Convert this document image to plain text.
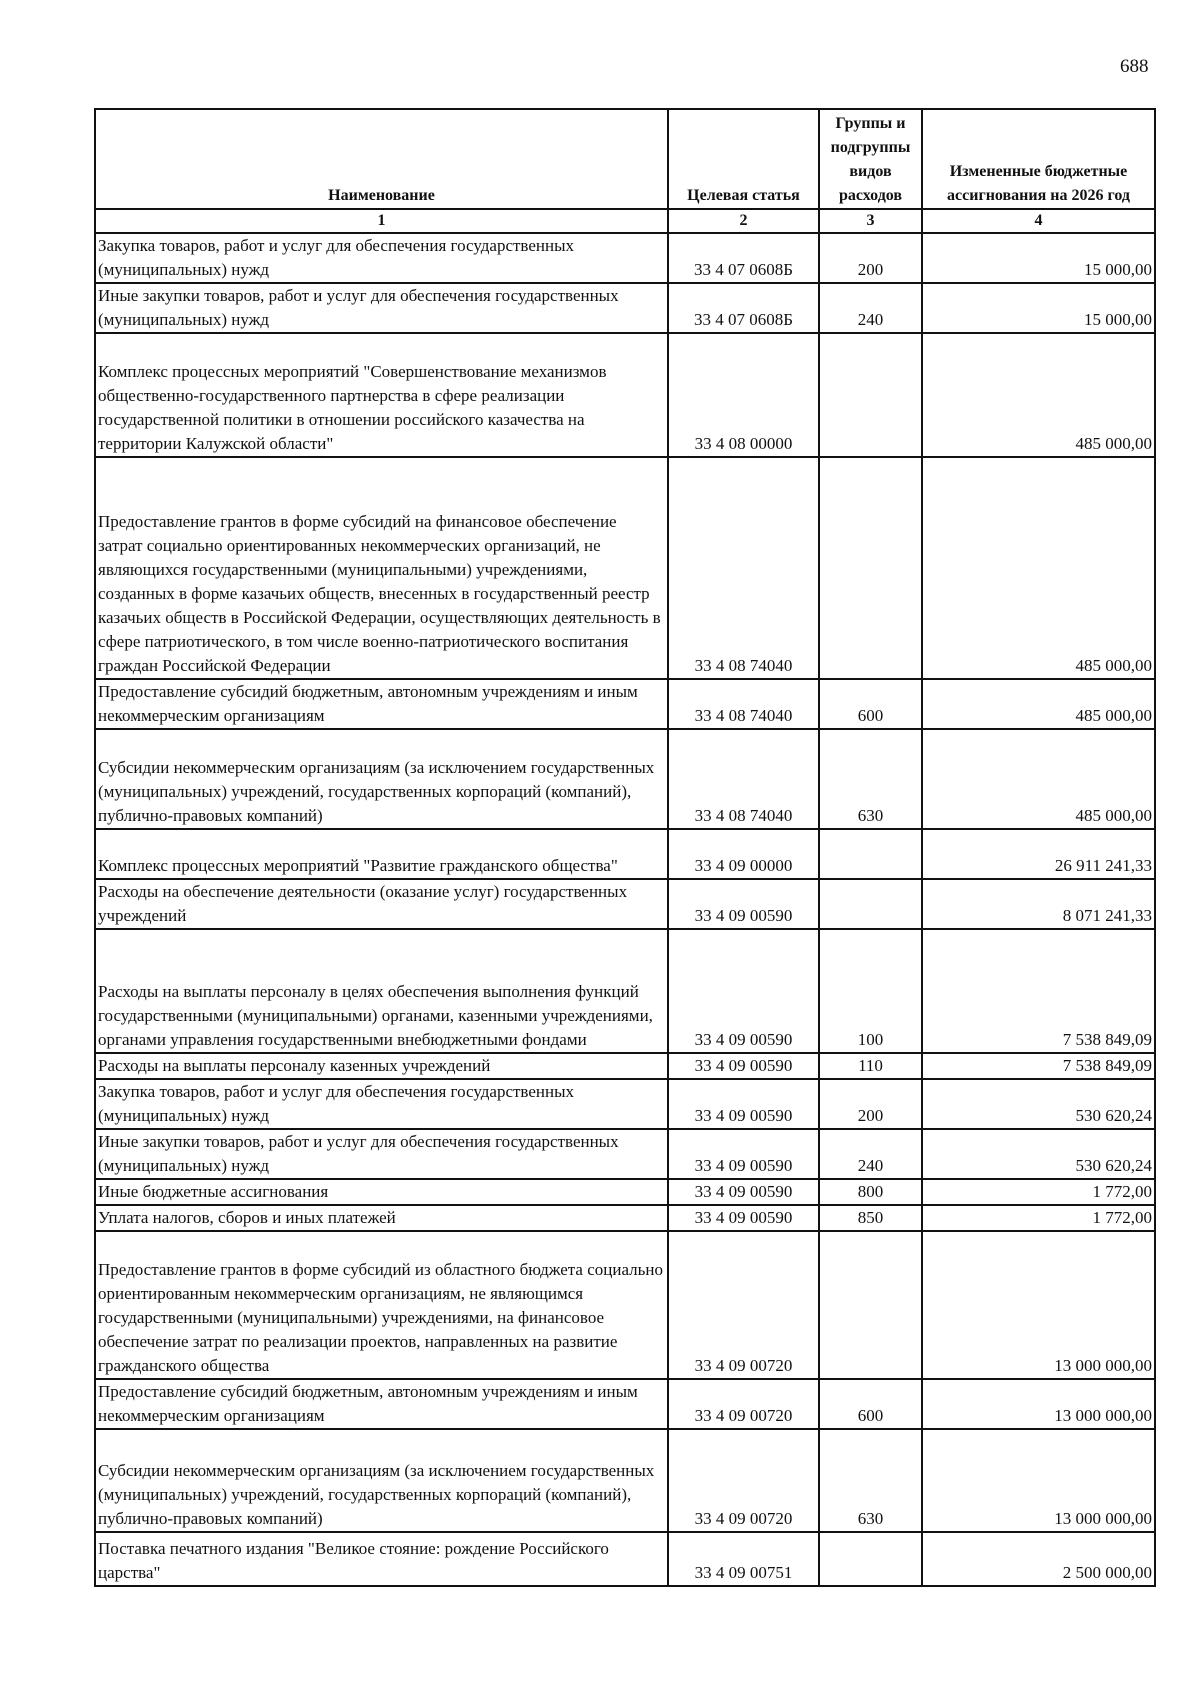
688
Наименование	Целевая статья	Группы и подгруппы видов расходов	Измененные бюджетные ассигнования на 2026 год
1	2	3	4
Закупка товаров, работ и услуг для обеспечения государственных (муниципальных) нужд	33 4 07 0608Б	200	15 000,00
Иные закупки товаров, работ и услуг для обеспечения государственных (муниципальных) нужд	33 4 07 0608Б	240	15 000,00
Комплекс процессных мероприятий "Совершенствование механизмов общественно-государственного партнерства в сфере реализации государственной политики в отношении российского казачества на территории Калужской области"	33 4 08 00000		485 000,00
Предоставление грантов в форме субсидий на финансовое обеспечение затрат социально ориентированных некоммерческих организаций, не являющихся государственными (муниципальными) учреждениями, созданных в форме казачьих обществ, внесенных в государственный реестр казачьих обществ в Российской Федерации, осуществляющих деятельность в сфере патриотического, в том числе военно-патриотического воспитания граждан Российской Федерации	33 4 08 74040		485 000,00
Предоставление субсидий бюджетным, автономным учреждениям и иным некоммерческим организациям	33 4 08 74040	600	485 000,00
Субсидии некоммерческим организациям (за исключением государственных (муниципальных) учреждений, государственных корпораций (компаний), публично-правовых компаний)	33 4 08 74040	630	485 000,00
Комплекс процессных мероприятий "Развитие гражданского общества"	33 4 09 00000		26 911 241,33
Расходы на обеспечение деятельности (оказание услуг) государственных учреждений	33 4 09 00590		8 071 241,33
Расходы на выплаты персоналу в целях обеспечения выполнения функций государственными (муниципальными) органами, казенными учреждениями, органами управления государственными внебюджетными фондами	33 4 09 00590	100	7 538 849,09
Расходы на выплаты персоналу казенных учреждений	33 4 09 00590	110	7 538 849,09
Закупка товаров, работ и услуг для обеспечения государственных (муниципальных) нужд	33 4 09 00590	200	530 620,24
Иные закупки товаров, работ и услуг для обеспечения государственных (муниципальных) нужд	33 4 09 00590	240	530 620,24
Иные бюджетные ассигнования	33 4 09 00590	800	1 772,00
Уплата налогов, сборов и иных платежей	33 4 09 00590	850	1 772,00
Предоставление грантов в форме субсидий из областного бюджета социально ориентированным некоммерческим организациям, не являющимся государственными (муниципальными) учреждениями, на финансовое обеспечение затрат по реализации проектов, направленных на развитие гражданского общества	33 4 09 00720		13 000 000,00
Предоставление субсидий бюджетным, автономным учреждениям и иным некоммерческим организациям	33 4 09 00720	600	13 000 000,00
Субсидии некоммерческим организациям (за исключением государственных (муниципальных) учреждений, государственных корпораций (компаний), публично-правовых компаний)	33 4 09 00720	630	13 000 000,00
Поставка печатного издания "Великое стояние: рождение Российского царства"	33 4 09 00751		2 500 000,00
